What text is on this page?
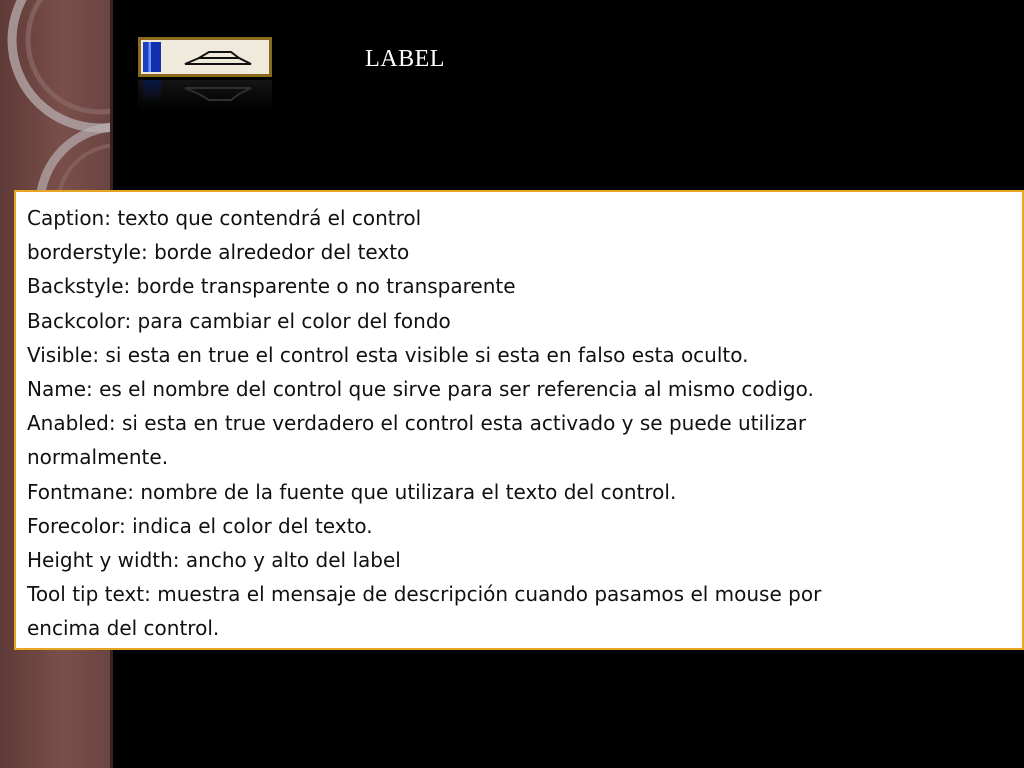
LABEL

Caption: texto que contendrá el control

borderstyle: borde alrededor del texto

Backstyle: borde transparente o no transparente

Backcolor: para cambiar el color del fondo

Visible: si esta en true el control esta visible si esta en falso esta oculto.

Name: es el nombre del control que sirve para ser referencia al mismo codigo.

Anabled: si esta en true verdadero el control esta activado y se puede utilizar

normalmente.

Fontmane: nombre de la fuente que utilizara el texto del control.

Forecolor: indica el color del texto.

Height y width: ancho y alto del label

Tool tip text: muestra el mensaje de descripción cuando pasamos el mouse por

encima del control.
